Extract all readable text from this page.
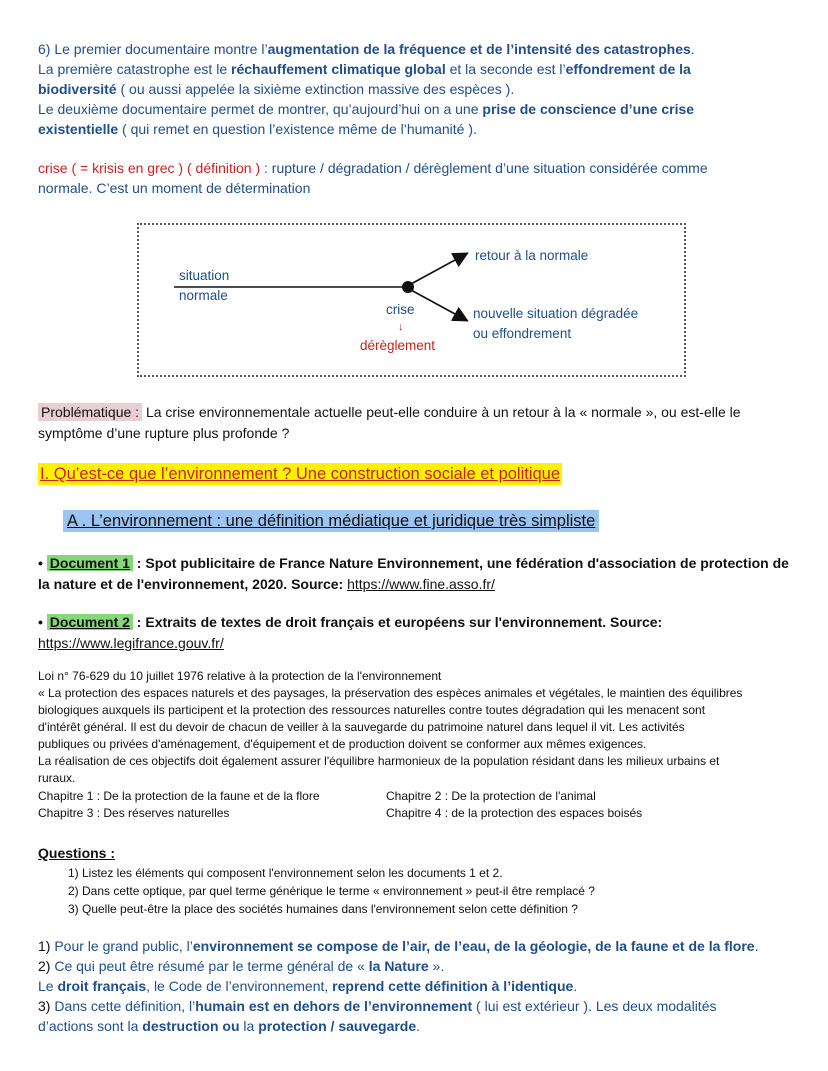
6) Le premier documentaire montre l’augmentation de la fréquence et de l’intensité des catastrophes.

La première catastrophe est le réchauffement climatique global et la seconde est l’effondrement de la

biodiversité ( ou aussi appelée la sixième extinction massive des espèces ).

Le deuxième documentaire permet de montrer, qu’aujourd’hui on a une prise de conscience d’une crise

existentielle ( qui remet en question l’existence même de l’humanité ).

crise ( = krisis en grec ) ( définition ) : rupture / dégradation / dérèglement d’une situation considérée comme

normale. C’est un moment de détermination

situation
normale
crise
↓
dérèglement
retour à la normale
nouvelle situation dégradée
ou effondrement

Problématique : La crise environnementale actuelle peut-elle conduire à un retour à la « normale », ou est-elle le

symptôme d’une rupture plus profonde ?

I. Qu’est-ce que l’environnement ? Une construction sociale et politique
A . L’environnement : une définition médiatique et juridique très simpliste

• Document 1 : Spot publicitaire de France Nature Environnement, une fédération d'association de protection de

la nature et de l'environnement, 2020. Source: https://www.fine.asso.fr/

• Document 2 : Extraits de textes de droit français et européens sur l'environnement. Source:

https://www.legifrance.gouv.fr/

Loi n° 76-629 du 10 juillet 1976 relative à la protection de la l'environnement

« La protection des espaces naturels et des paysages, la préservation des espèces animales et végétales, le maintien des équilibres

biologiques auxquels ils participent et la protection des ressources naturelles contre toutes dégradation qui les menacent sont

d'intérêt général. Il est du devoir de chacun de veiller à la sauvegarde du patrimoine naturel dans lequel il vit. Les activités

publiques ou privées d'aménagement, d'équipement et de production doivent se conformer aux mêmes exigences.

La réalisation de ces objectifs doit également assurer l'équilibre harmonieux de la population résidant dans les milieux urbains et

ruraux.

Chapitre 1 : De la protection de la faune et de la flore	Chapitre 2 : De la protection de l'animal
Chapitre 3 : Des réserves naturelles	Chapitre 4 : de la protection des espaces boisés
Questions :

1) Listez les éléments qui composent l'environnement selon les documents 1 et 2.

2) Dans cette optique, par quel terme générique le terme « environnement » peut-il être remplacé ?

3) Quelle peut-être la place des sociétés humaines dans l'environnement selon cette définition ?

1) Pour le grand public, l’environnement se compose de l’air, de l’eau, de la géologie, de la faune et de la flore.

2) Ce qui peut être résumé par le terme général de « la Nature ».

Le droit français, le Code de l’environnement, reprend cette définition à l’identique.

3) Dans cette définition, l’humain est en dehors de l’environnement ( lui est extérieur ). Les deux modalités

d’actions sont la destruction ou la protection / sauvegarde.
